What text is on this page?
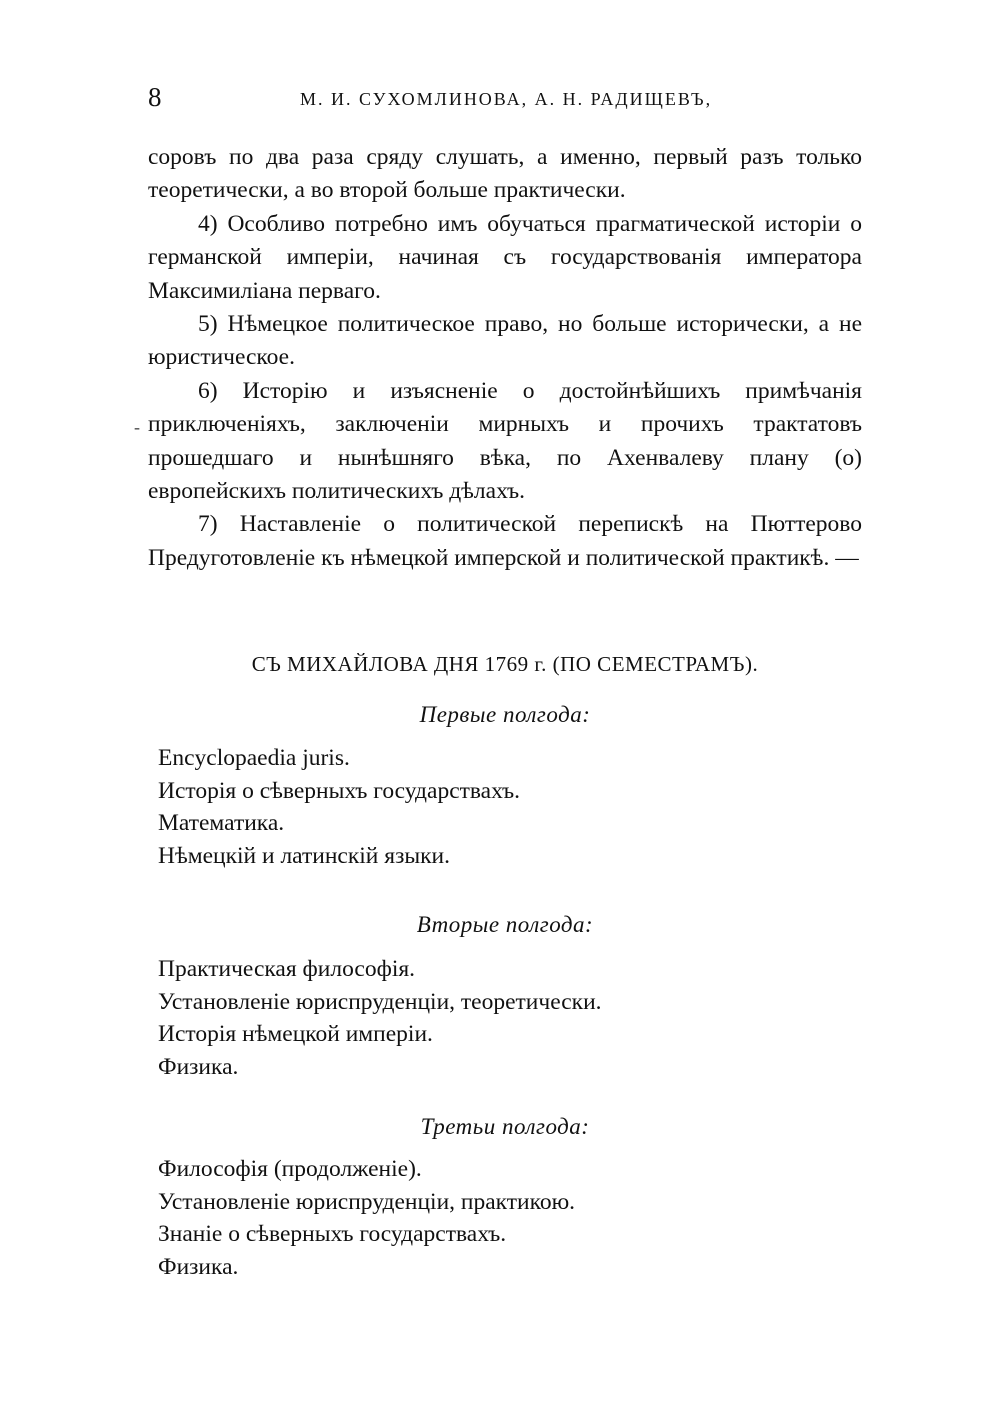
8	М. И. СУХОМЛИНОВА, А. Н. РАДИЩЕВЪ,

соровъ по два раза сряду слушать, а именно, первый разъ только теоретически, а во второй больше практически.

4) Особливо потребно имъ обучаться прагматической исторіи о германской имперіи, начиная съ государствованія императора Максимиліана перваго.

5) Нѣмецкое политическое право, но больше исторически, а не юристическое.

6) Исторію и изъясненіе о достойнѣйшихъ примѣчанія приключеніяхъ, заключеніи мирныхъ и прочихъ трактатовъ прошедшаго и нынѣшняго вѣка, по Ахенвалеву плану (о) европейскихъ политическихъ дѣлахъ.

7) Наставленіе о политической перепискѣ на Пюттерово Предуготовленіе къ нѣмецкой имперской и политической практикѣ. —

-
СЪ МИХАЙЛОВА ДНЯ 1769 г. (ПО СЕМЕСТРАМЪ).
Первые полгода:
Encyclopaedia juris.
Исторія о сѣверныхъ государствахъ.
Математика.
Нѣмецкій и латинскій языки.
Вторые полгода:
Практическая философія.
Установленіе юриспруденціи, теоретически.
Исторія нѣмецкой имперіи.
Физика.
Третьи полгода:
Философія (продолженіе).
Установленіе юриспруденціи, практикою.
Знаніе о сѣверныхъ государствахъ.
Физика.
